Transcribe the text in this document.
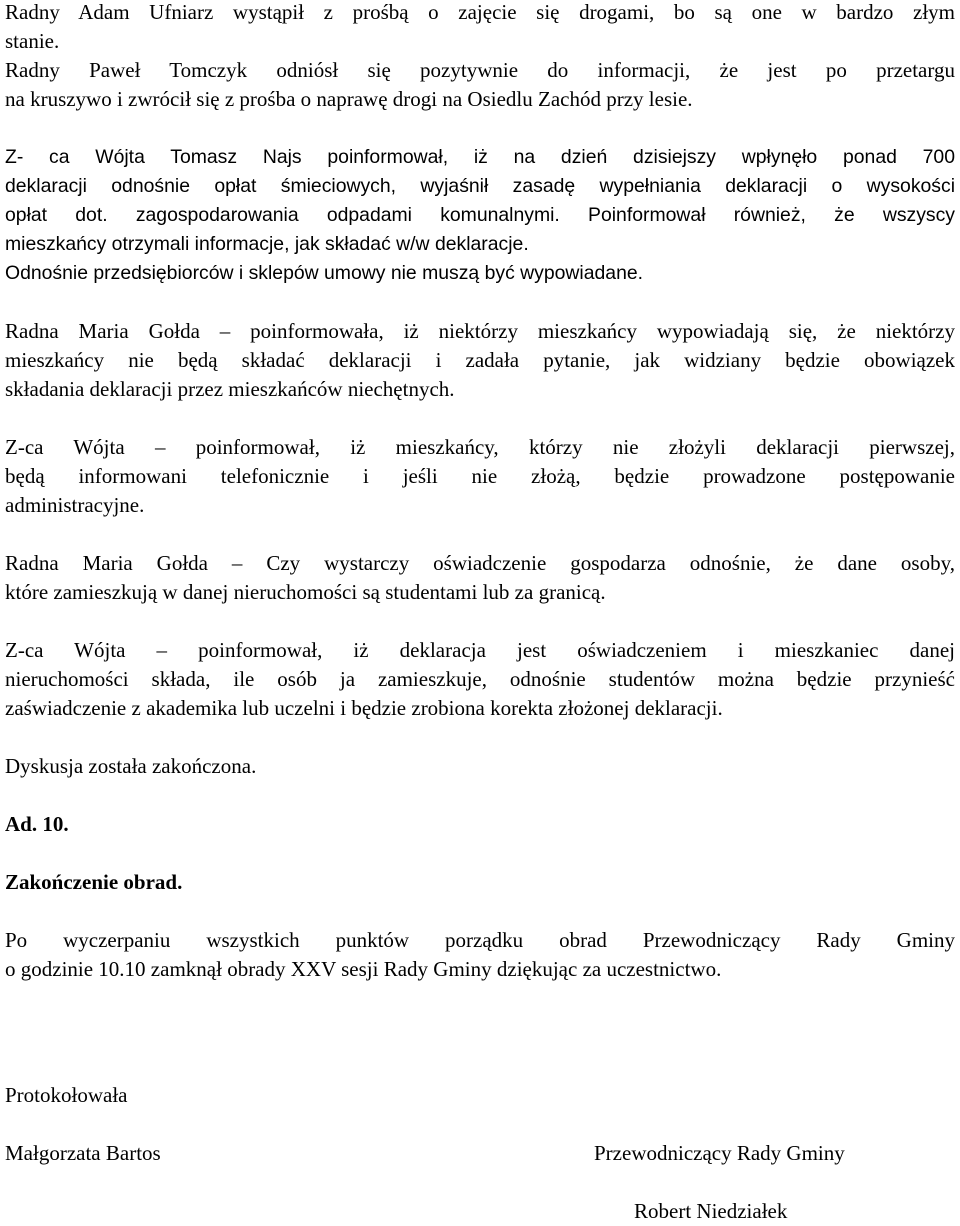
Radny Adam Ufniarz wystąpił z prośbą o zajęcie się drogami, bo są one w bardzo złym
stanie.
Radny Paweł Tomczyk odniósł się pozytywnie do informacji, że jest po przetargu
na kruszywo i zwrócił się z prośba o naprawę drogi na Osiedlu Zachód przy lesie.
Z- ca Wójta Tomasz Najs poinformował, iż na dzień dzisiejszy wpłynęło ponad 700
deklaracji odnośnie opłat śmieciowych, wyjaśnił zasadę wypełniania deklaracji o wysokości
opłat dot. zagospodarowania odpadami komunalnymi. Poinformował również, że wszyscy
mieszkańcy otrzymali informacje, jak składać w/w deklaracje.
Odnośnie przedsiębiorców i sklepów umowy nie muszą być wypowiadane.
Radna Maria Gołda – poinformowała, iż niektórzy mieszkańcy wypowiadają się, że niektórzy
mieszkańcy nie będą składać deklaracji i zadała pytanie, jak widziany będzie obowiązek
składania deklaracji przez mieszkańców niechętnych.
Z-ca Wójta – poinformował, iż mieszkańcy, którzy nie złożyli deklaracji pierwszej,
będą informowani telefonicznie i jeśli nie złożą, będzie prowadzone postępowanie
administracyjne.
Radna Maria Gołda – Czy wystarczy oświadczenie gospodarza odnośnie, że dane osoby,
które zamieszkują w danej nieruchomości są studentami lub za granicą.
Z-ca Wójta – poinformował, iż deklaracja jest oświadczeniem i mieszkaniec danej
nieruchomości składa, ile osób ja zamieszkuje, odnośnie studentów można będzie przynieść
zaświadczenie z akademika lub uczelni i będzie zrobiona korekta złożonej deklaracji.
Dyskusja została zakończona.
Ad. 10.
Zakończenie obrad.
Po wyczerpaniu wszystkich punktów porządku obrad Przewodniczący Rady Gminy
o godzinie 10.10 zamknął obrady XXV sesji Rady Gminy dziękując za uczestnictwo.
Protokołowała
Małgorzata Bartos	Przewodniczący Rady Gminy
Robert Niedziałek
